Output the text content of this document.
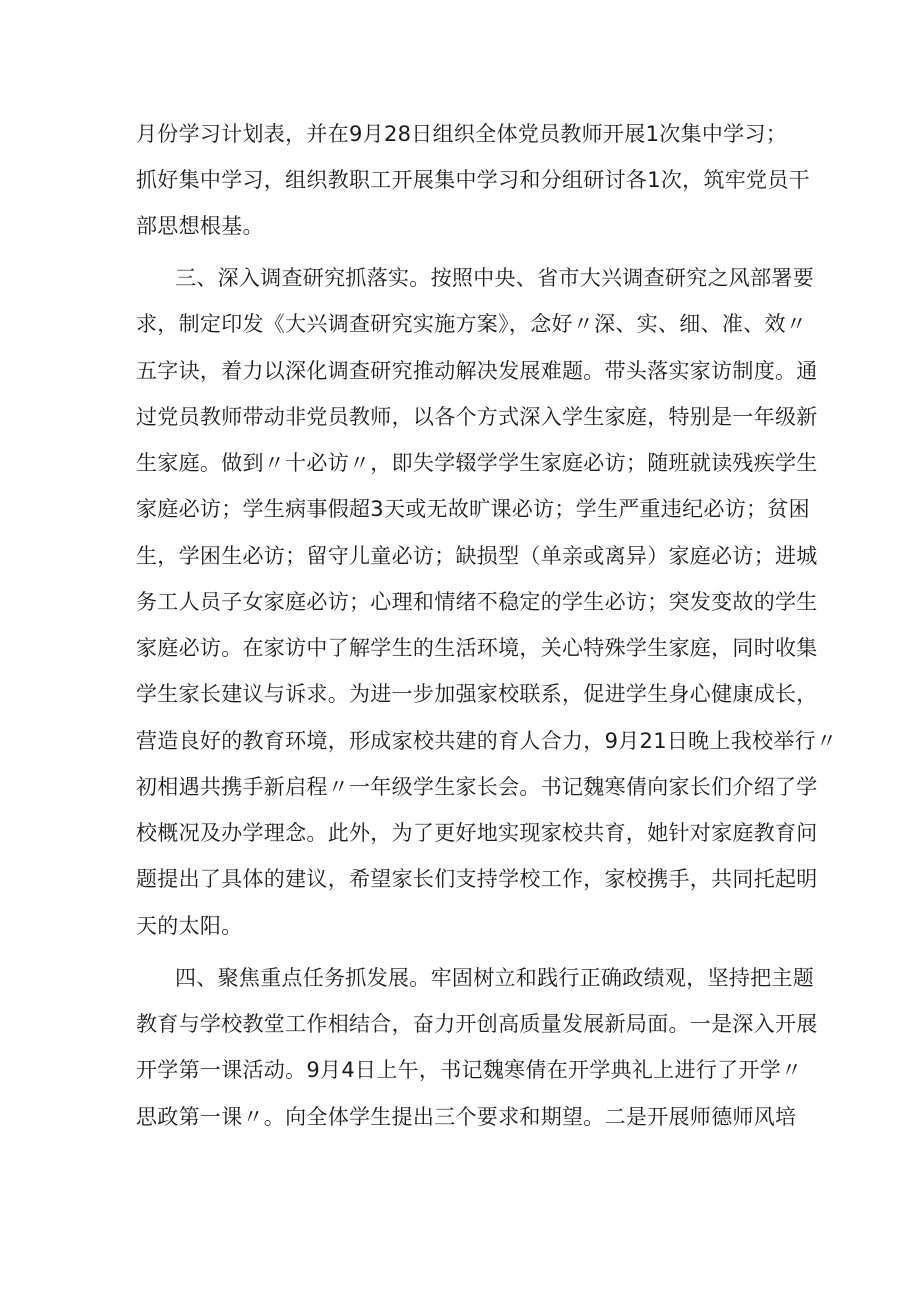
月份学习计划表，并在9月28日组织全体党员教师开展1次集中学习；

抓好集中学习，组织教职工开展集中学习和分组研讨各1次，筑牢党员干

部思想根基。

三、深入调查研究抓落实。按照中央、省市大兴调查研究之风部署要

求，制定印发《大兴调查研究实施方案》，念好〃深、实、细、准、效〃

五字诀，着力以深化调查研究推动解决发展难题。带头落实家访制度。通

过党员教师带动非党员教师，以各个方式深入学生家庭，特别是一年级新

生家庭。做到〃十必访〃，即失学辍学学生家庭必访；随班就读残疾学生

家庭必访；学生病事假超3天或无故旷课必访；学生严重违纪必访；贫困

生，学困生必访；留守儿童必访；缺损型（单亲或离异）家庭必访；进城

务工人员子女家庭必访；心理和情绪不稳定的学生必访；突发变故的学生

家庭必访。在家访中了解学生的生活环境，关心特殊学生家庭，同时收集

学生家长建议与诉求。为进一步加强家校联系，促进学生身心健康成长，

营造良好的教育环境，形成家校共建的育人合力，9月21日晚上我校举行〃

初相遇共携手新启程〃一年级学生家长会。书记魏寒倩向家长们介绍了学

校概况及办学理念。此外，为了更好地实现家校共育，她针对家庭教育问

题提出了具体的建议，希望家长们支持学校工作，家校携手，共同托起明

天的太阳。

四、聚焦重点任务抓发展。牢固树立和践行正确政绩观，坚持把主题

教育与学校教堂工作相结合，奋力开创高质量发展新局面。一是深入开展

开学第一课活动。9月4日上午，书记魏寒倩在开学典礼上进行了开学〃

思政第一课〃。向全体学生提出三个要求和期望。二是开展师德师风培
